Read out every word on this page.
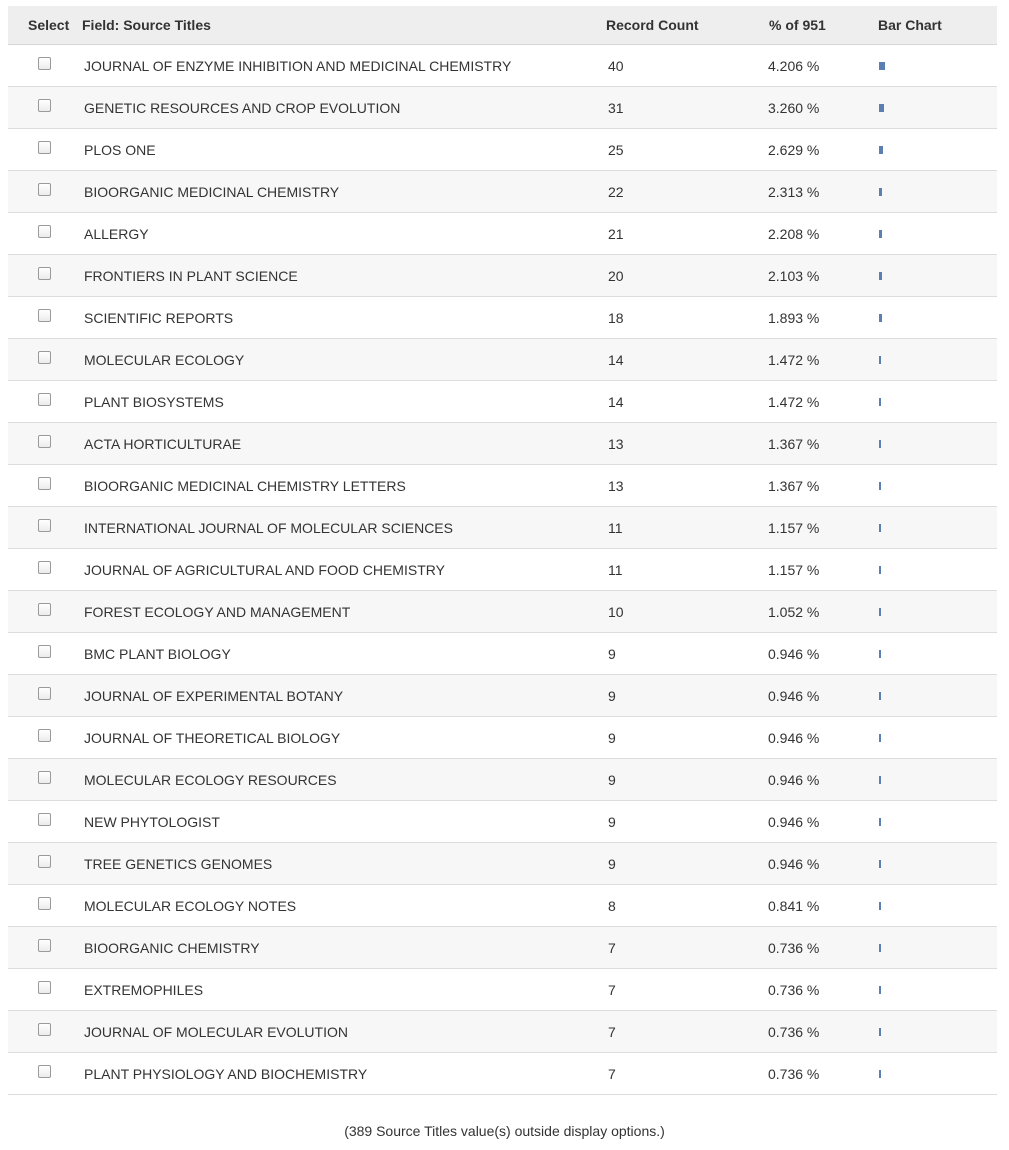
Select Field: Source Titles	Record Count	% of 951	Bar Chart
JOURNAL OF ENZYME INHIBITION AND MEDICINAL CHEMISTRY	40	4.206 %
GENETIC RESOURCES AND CROP EVOLUTION	31	3.260 %
PLOS ONE	25	2.629 %
BIOORGANIC MEDICINAL CHEMISTRY	22	2.313 %
ALLERGY	21	2.208 %
FRONTIERS IN PLANT SCIENCE	20	2.103 %
SCIENTIFIC REPORTS	18	1.893 %
MOLECULAR ECOLOGY	14	1.472 %
PLANT BIOSYSTEMS	14	1.472 %
ACTA HORTICULTURAE	13	1.367 %
BIOORGANIC MEDICINAL CHEMISTRY LETTERS	13	1.367 %
INTERNATIONAL JOURNAL OF MOLECULAR SCIENCES	11	1.157 %
JOURNAL OF AGRICULTURAL AND FOOD CHEMISTRY	11	1.157 %
FOREST ECOLOGY AND MANAGEMENT	10	1.052 %
BMC PLANT BIOLOGY	9	0.946 %
JOURNAL OF EXPERIMENTAL BOTANY	9	0.946 %
JOURNAL OF THEORETICAL BIOLOGY	9	0.946 %
MOLECULAR ECOLOGY RESOURCES	9	0.946 %
NEW PHYTOLOGIST	9	0.946 %
TREE GENETICS GENOMES	9	0.946 %
MOLECULAR ECOLOGY NOTES	8	0.841 %
BIOORGANIC CHEMISTRY	7	0.736 %
EXTREMOPHILES	7	0.736 %
JOURNAL OF MOLECULAR EVOLUTION	7	0.736 %
PLANT PHYSIOLOGY AND BIOCHEMISTRY	7	0.736 %
(389 Source Titles value(s) outside display options.)
